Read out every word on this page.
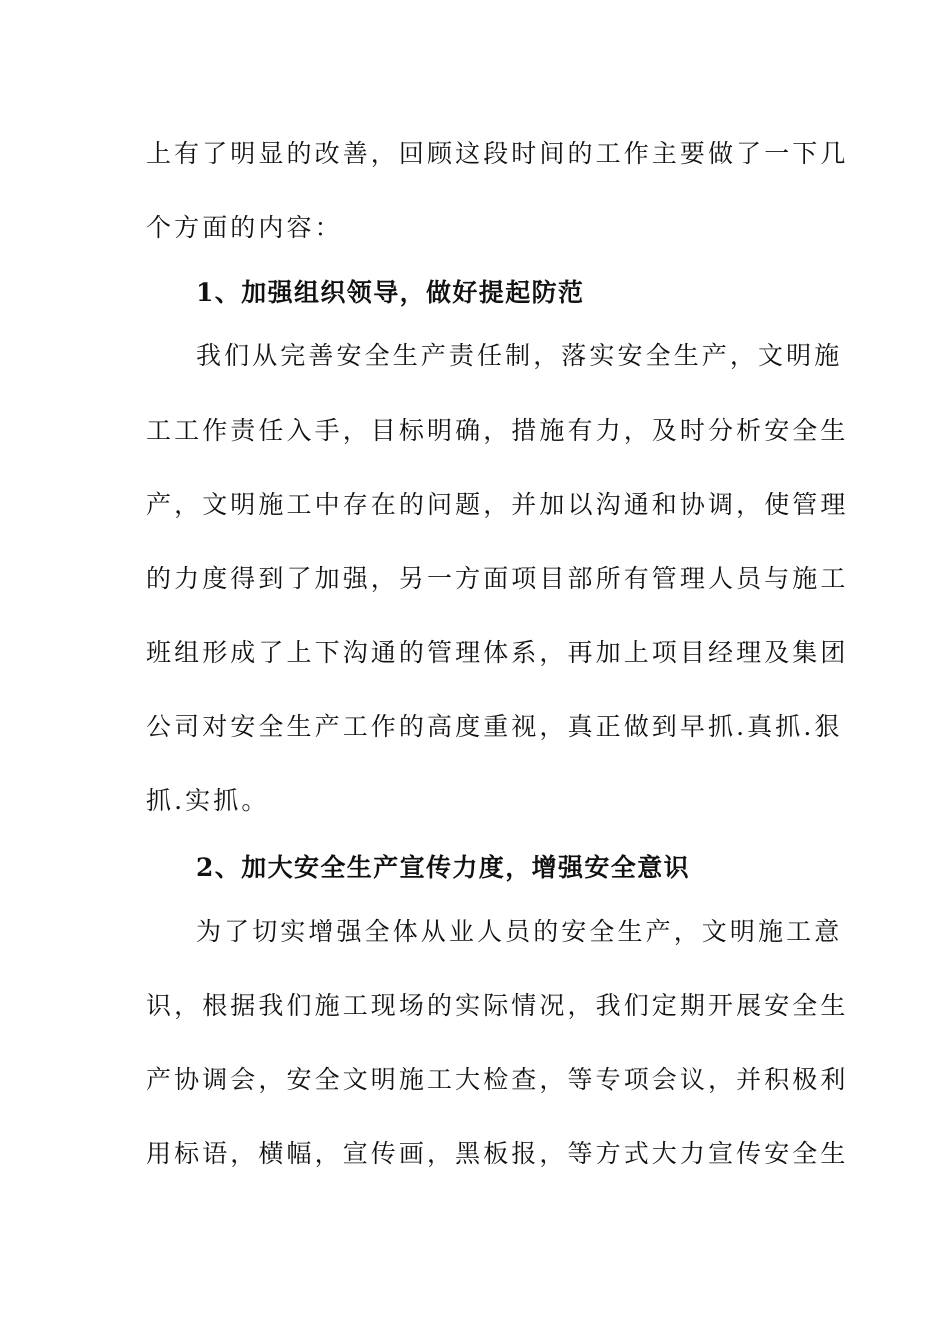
上有了明显的改善，回顾这段时间的工作主要做了一下几
个方面的内容：
1、加强组织领导，做好提起防范
我们从完善安全生产责任制，落实安全生产，文明施
工工作责任入手，目标明确，措施有力，及时分析安全生
产，文明施工中存在的问题，并加以沟通和协调，使管理
的力度得到了加强，另一方面项目部所有管理人员与施工
班组形成了上下沟通的管理体系，再加上项目经理及集团
公司对安全生产工作的高度重视，真正做到早抓.真抓.狠
抓.实抓。
2、加大安全生产宣传力度，增强安全意识
为了切实增强全体从业人员的安全生产，文明施工意
识，根据我们施工现场的实际情况，我们定期开展安全生
产协调会，安全文明施工大检查，等专项会议，并积极利
用标语，横幅，宣传画，黑板报，等方式大力宣传安全生
